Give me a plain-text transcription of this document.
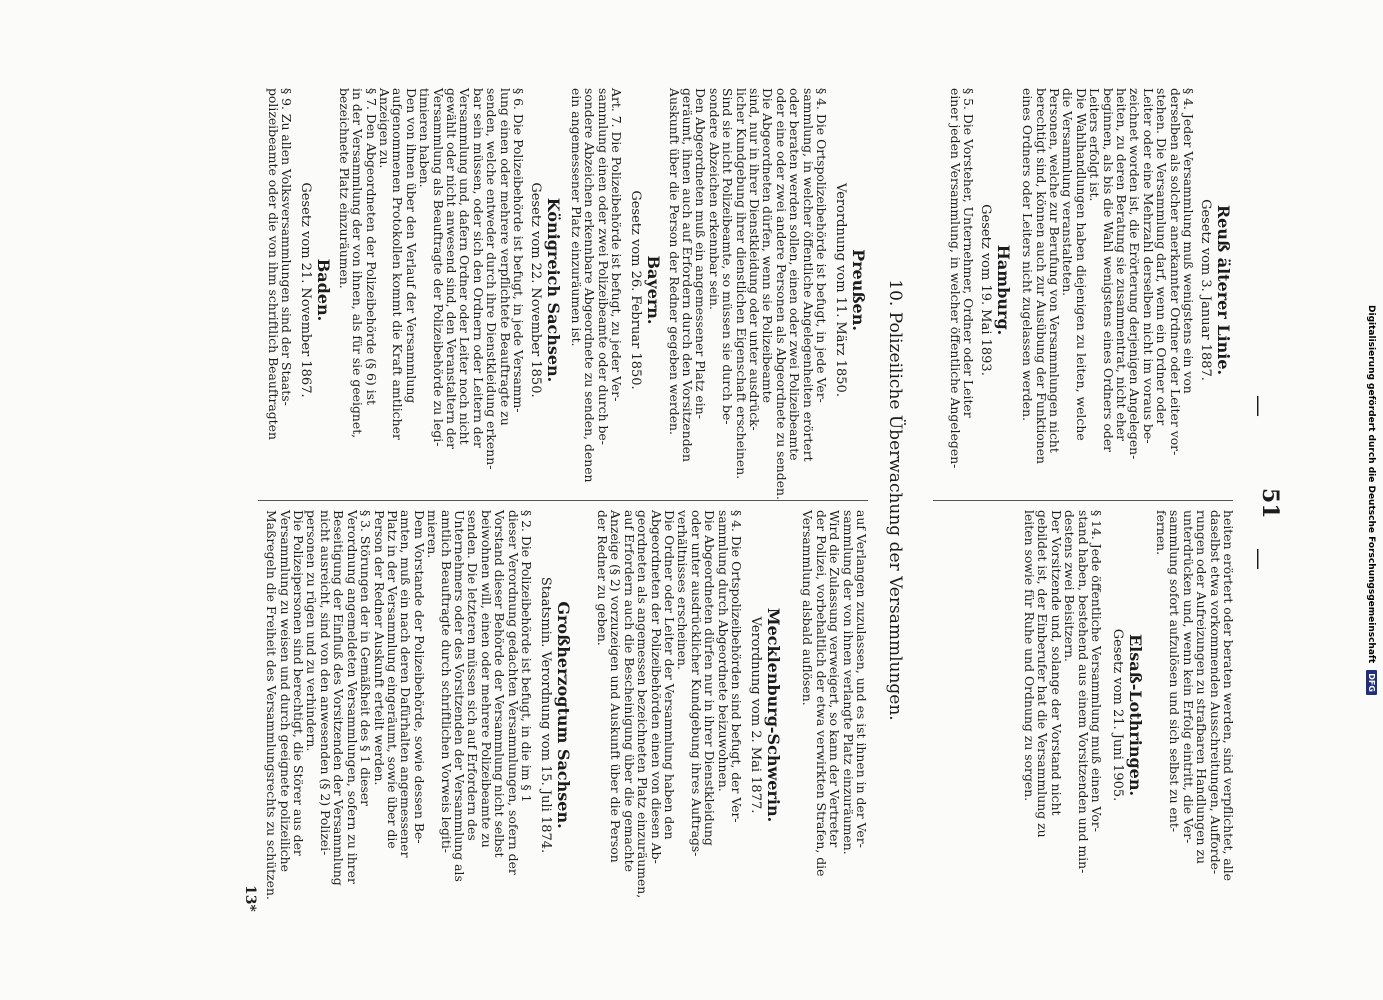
—
51
—
Reuß älterer Linie.
Gesetz vom 3. Januar 1887.
§ 4. Jeder Versammlung muß wenigstens ein von
derselben als solcher anerkannter Ordner oder Leiter vor-
stehen. Die Versammlung darf, wenn ein Ordner oder
Leiter oder eine Mehrzahl derselben nicht im voraus be-
zeichnet worden ist, die Erörterung derjenigen Angelegen-
heiten, zu deren Beratung sie zusammentrat, nicht eher
beginnen, als bis die Wahl wenigstens eines Ordners oder
Leiters erfolgt ist.
Die Wahlhandlungen haben diejenigen zu leiten, welche
die Versammlung veranstalteten.
Personen, welche zur Berufung von Versammlungen nicht
berechtigt sind, können auch zur Ausübung der Funktionen
eines Ordners oder Leiters nicht zugelassen werden.
Hamburg.
Gesetz vom 19. Mai 1893.
§ 5. Die Vorsteher, Unternehmer, Ordner oder Leiter
einer jeden Versammlung, in welcher öffentliche Angelegen-
heiten erörtert oder beraten werden, sind verpflichtet, alle
daselbst etwa vorkommenden Ausschreitungen, Aufforde-
rungen oder Aufreizungen zu strafbaren Handlungen zu
unterdrücken und, wenn kein Erfolg eintritt, die Ver-
sammlung sofort aufzulösen und sich selbst zu ent-
fernen.
Elsaß-Lothringen.
Gesetz vom 21. Juni 1905.
§ 14. Jede öffentliche Versammlung muß einen Vor-
stand haben, bestehend aus einem Vorsitzenden und min-
destens zwei Beisitzern.
Der Vorsitzende und, solange der Vorstand nicht
gebildet ist, der Einberufer hat die Versammlung zu
leiten sowie für Ruhe und Ordnung zu sorgen.
10. Polizeiliche Überwachung der Versammlungen.
Preußen.
Verordnung vom 11. März 1850.
§ 4. Die Ortspolizeibehörde ist befugt, in jede Ver-
sammlung, in welcher öffentliche Angelegenheiten erörtert
oder beraten werden sollen, einen oder zwei Polizeibeamte
oder eine oder zwei andere Personen als Abgeordnete zu senden.
Die Abgeordneten dürfen, wenn sie Polizeibeamte
sind, nur in ihrer Dienstkleidung oder unter ausdrück-
licher Kundgebung ihrer dienstlichen Eigenschaft erscheinen.
Sind sie nicht Polizeibeamte, so müssen sie durch be-
sondere Abzeichen erkennbar sein.
Den Abgeordneten muß ein angemessener Platz ein-
geräumt, ihnen auch auf Erfordern durch den Vorsitzenden
Auskunft über die Person der Redner gegeben werden.
Bayern.
Gesetz vom 26. Februar 1850.
Art. 7. Die Polizeibehörde ist befugt, zu jeder Ver-
sammlung einen oder zwei Polizeibeamte oder durch be-
sondere Abzeichen erkennbare Abgeordnete zu senden, denen
ein angemessener Platz einzuräumen ist.
Königreich Sachsen.
Gesetz vom 22. November 1850.
§ 6. Die Polizeibehörde ist befugt, in jede Versamm-
lung einen oder mehrere verpflichtete Beauftragte zu
senden, welche entweder durch ihre Dienstkleidung erkenn-
bar sein müssen, oder sich den Ordnern oder Leitern der
Versammlung und, dafern Ordner oder Leiter noch nicht
gewählt oder nicht anwesend sind, den Veranstaltern der
Versammlung als Beauftragte der Polizeibehörde zu legi-
timieren haben.
Den von ihnen über den Verlauf der Versammlung
aufgenommenen Protokollen kommt die Kraft amtlicher
Anzeigen zu.
§ 7. Den Abgeordneten der Polizeibehörde (§ 6) ist
in der Versammlung der von ihnen, als für sie geeignet,
bezeichnete Platz einzuräumen.
Baden.
Gesetz vom 21. November 1867.
§ 9. Zu allen Volksversammlungen sind der Staats-
polizeibeamte oder die von ihm schriftlich Beauftragten
auf Verlangen zuzulassen, und es ist ihnen in der Ver-
sammlung der von ihnen verlangte Platz einzuräumen.
Wird die Zulassung verweigert, so kann der Vertreter
der Polizei, vorbehaltlich der etwa verwirkten Strafen, die
Versammlung alsbald auflösen.
Mecklenburg-Schwerin.
Verordnung vom 2. Mai 1877.
§ 4. Die Ortspolizeibehörden sind befugt, der Ver-
sammlung durch Abgeordnete beizuwohnen.
Die Abgeordneten dürfen nur in ihrer Dienstkleidung
oder unter ausdrücklicher Kundgebung ihres Auftrags-
verhältnisses erscheinen.
Die Ordner oder Leiter der Versammlung haben den
Abgeordneten der Polizeibehörden einen von diesen Ab-
geordneten als angemessen bezeichneten Platz einzuräumen,
auf Erfordern auch die Bescheinigung über die gemachte
Anzeige (§ 2) vorzuzeigen und Auskunft über die Person
der Redner zu geben.
Großherzogtum Sachsen.
Staatsmin. Verordnung vom 15. Juli 1874.
§ 2. Die Polizeibehörde ist befugt, in die im § 1
dieser Verordnung gedachten Versammlungen, sofern der
Vorstand dieser Behörde der Versammlung nicht selbst
beiwohnen will, einen oder mehrere Polizeibeamte zu
senden. Die letzteren müssen sich auf Erfordern des
Unternehmers oder des Vorsitzenden der Versammlung als
amtlich Beauftragte durch schriftlichen Vorweis legiti-
mieren.
Dem Vorstande der Polizeibehörde, sowie dessen Be-
amten, muß ein nach deren Dafürhalten angemessener
Platz in der Versammlung eingeräumt, sowie über die
Person der Redner Auskunft erteilt werden.
§ 3. Störungen der in Gemäßheit des § 1 dieser
Verordnung angemeldeten Versammlungen, sofern zu ihrer
Beseitigung der Einfluß des Vorsitzenden der Versammlung
nicht ausreicht, sind von den anwesenden (§ 2) Polizei-
personen zu rügen und zu verhindern.
Die Polizeipersonen sind berechtigt, die Störer aus der
Versammlung zu weisen und durch geeignete polizeiliche
Maßregeln die Freiheit des Versammlungsrechts zu schützen.
13*
Digitalisierung gefördert durch die Deutsche Forschungsgemeinschaft DFG
